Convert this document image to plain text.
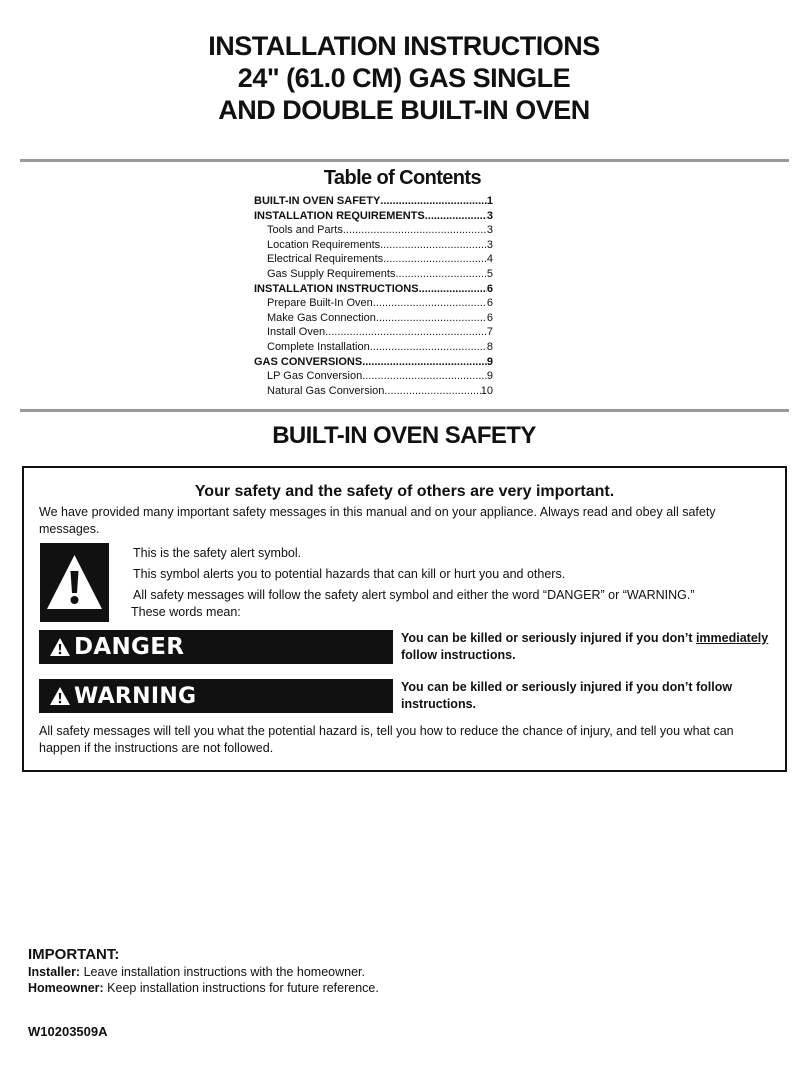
INSTALLATION INSTRUCTIONS
24" (61.0 CM) GAS SINGLE
AND DOUBLE BUILT-IN OVEN
Table of Contents
BUILT-IN OVEN SAFETY .....	1
INSTALLATION REQUIREMENTS .....	3
Tools and Parts .....	3
Location Requirements .....	3
Electrical Requirements .....	4
Gas Supply Requirements .....	5
INSTALLATION INSTRUCTIONS .....	6
Prepare Built-In Oven .....	6
Make Gas Connection .....	6
Install Oven .....	7
Complete Installation .....	8
GAS CONVERSIONS .....	9
LP Gas Conversion .....	9
Natural Gas Conversion .....	10
BUILT-IN OVEN SAFETY
Your safety and the safety of others are very important.
We have provided many important safety messages in this manual and on your appliance. Always read and obey all safety messages.
This is the safety alert symbol.
This symbol alerts you to potential hazards that can kill or hurt you and others.
All safety messages will follow the safety alert symbol and either the word “DANGER” or “WARNING.”
These words mean:
DANGER	You can be killed or seriously injured if you don’t immediately follow instructions.
WARNING	You can be killed or seriously injured if you don’t follow instructions.
All safety messages will tell you what the potential hazard is, tell you how to reduce the chance of injury, and tell you what can happen if the instructions are not followed.
IMPORTANT:
Installer: Leave installation instructions with the homeowner.
Homeowner: Keep installation instructions for future reference.
W10203509A
